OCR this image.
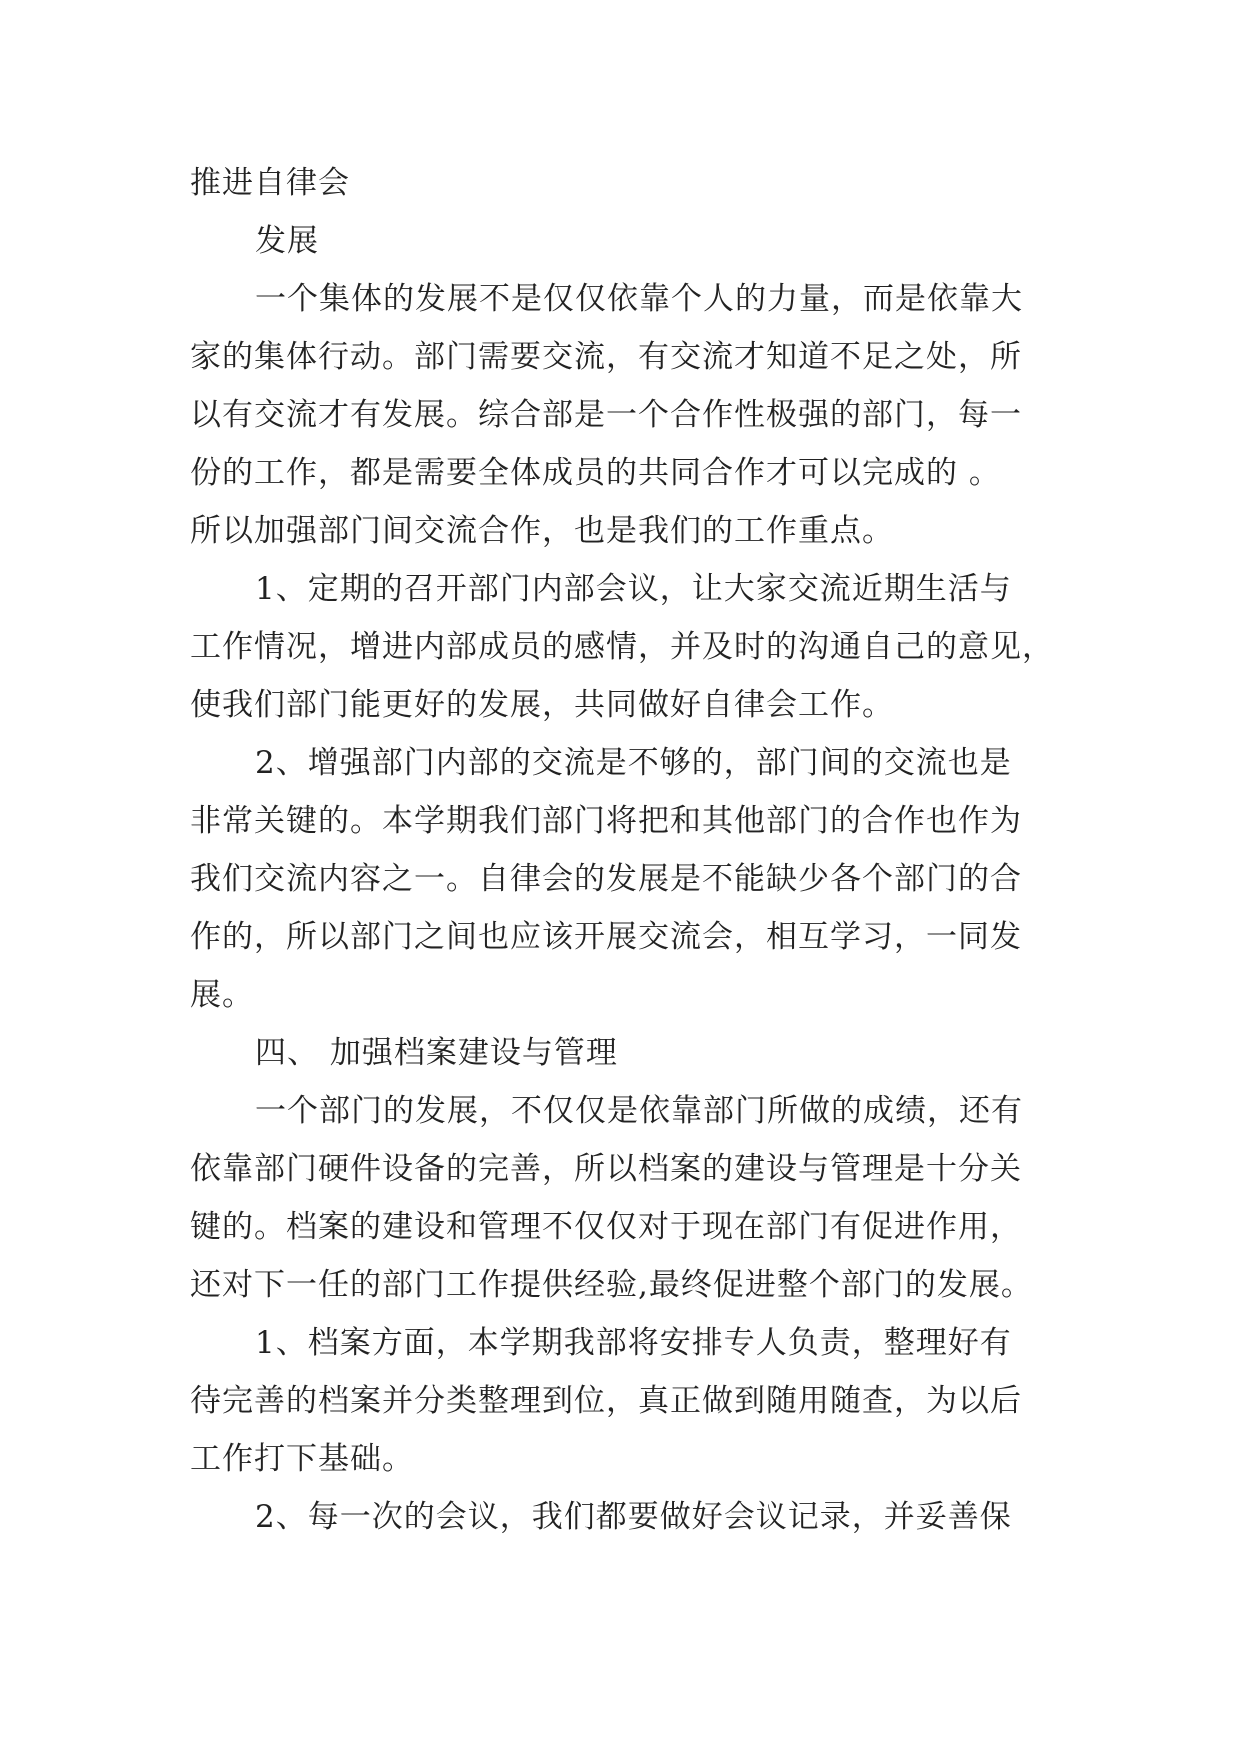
推进自律会
发展
一个集体的发展不是仅仅依靠个人的力量，而是依靠大
家的集体行动。部门需要交流，有交流才知道不足之处，所
以有交流才有发展。综合部是一个合作性极强的部门，每一
份的工作，都是需要全体成员的共同合作才可以完成的 。
所以加强部门间交流合作，也是我们的工作重点。
1、定期的召开部门内部会议，让大家交流近期生活与
工作情况，增进内部成员的感情，并及时的沟通自己的意见，
使我们部门能更好的发展，共同做好自律会工作。
2、增强部门内部的交流是不够的，部门间的交流也是
非常关键的。本学期我们部门将把和其他部门的合作也作为
我们交流内容之一。自律会的发展是不能缺少各个部门的合
作的，所以部门之间也应该开展交流会，相互学习，一同发
展。
四、 加强档案建设与管理
一个部门的发展，不仅仅是依靠部门所做的成绩，还有
依靠部门硬件设备的完善，所以档案的建设与管理是十分关
键的。档案的建设和管理不仅仅对于现在部门有促进作用，
还对下一任的部门工作提供经验,最终促进整个部门的发展。
1、档案方面，本学期我部将安排专人负责，整理好有
待完善的档案并分类整理到位，真正做到随用随查，为以后
工作打下基础。
2、每一次的会议，我们都要做好会议记录，并妥善保
